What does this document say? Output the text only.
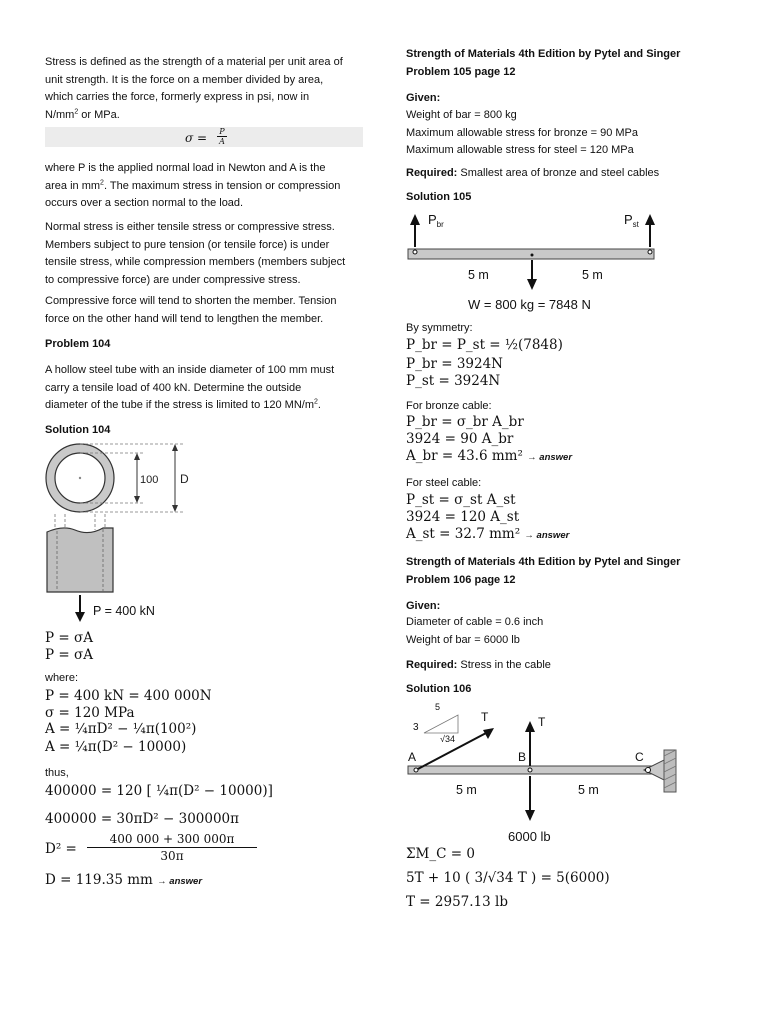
Stress is defined as the strength of a material per unit area of

unit strength. It is the force on a member divided by area,

which carries the force, formerly express in psi, now in

$N/mm^2$ or MPa.

σ = P
A

where P is the applied normal load in Newton and A is the

area in $mm^2$. The maximum stress in tension or compression

occurs over a section normal to the load.

Normal stress is either tensile stress or compressive stress.

Members subject to pure tension (or tensile force) is under

tensile stress, while compression members (members subject

to compressive force) are under compressive stress.

Compressive force will tend to shorten the member. Tension

force on the other hand will tend to lengthen the member.

Problem 104

A hollow steel tube with an inside diameter of 100 mm must

carry a tensile load of 400 kN. Determine the outside

diameter of the tube if the stress is limited to 120 $MN/m^2$.

Solution 104

100 D
P = 400 kN
P = σA
P = σA

where:

P = 400 kN = 400 000N
σ = 120 MPa
A = ¼πD² − ¼π(100²)
A = ¼π(D² − 10000)

thus,

400000 = 120 [ ¼π(D² − 10000)]
400000 = 30πD² − 300000π
D² =
400 000 + 300 000π
30π
D = 119.35 mm → answer

Strength of Materials 4th Edition by Pytel and Singer

Problem 105 page 12

Given:

Weight of bar = 800 kg

Maximum allowable stress for bronze = 90 MPa

Maximum allowable stress for steel = 120 MPa

Required: Smallest area of bronze and steel cables

Solution 105

$P_{br}$	$P_{st}$
5 m	5 m
W = 800 kg = 7848 N

By symmetry:

P_br = P_st = ½(7848)
P_br = 3924N
P_st = 3924N

For bronze cable:

P_br = σ_br A_br
3924 = 90 A_br
A_br = 43.6 mm² → answer

For steel cable:

P_st = σ_st A_st
3924 = 120 A_st
A_st = 32.7 mm² → answer

Strength of Materials 4th Edition by Pytel and Singer

Problem 106 page 12

Given:

Diameter of cable = 0.6 inch

Weight of bar = 6000 lb

Required: Stress in the cable

Solution 106

5
3
√34
T	T
A	B	C
5 m	5 m
6000 lb
ΣM_C = 0
5T + 10 ( 3/√34 T ) = 5(6000)
T = 2957.13 lb
